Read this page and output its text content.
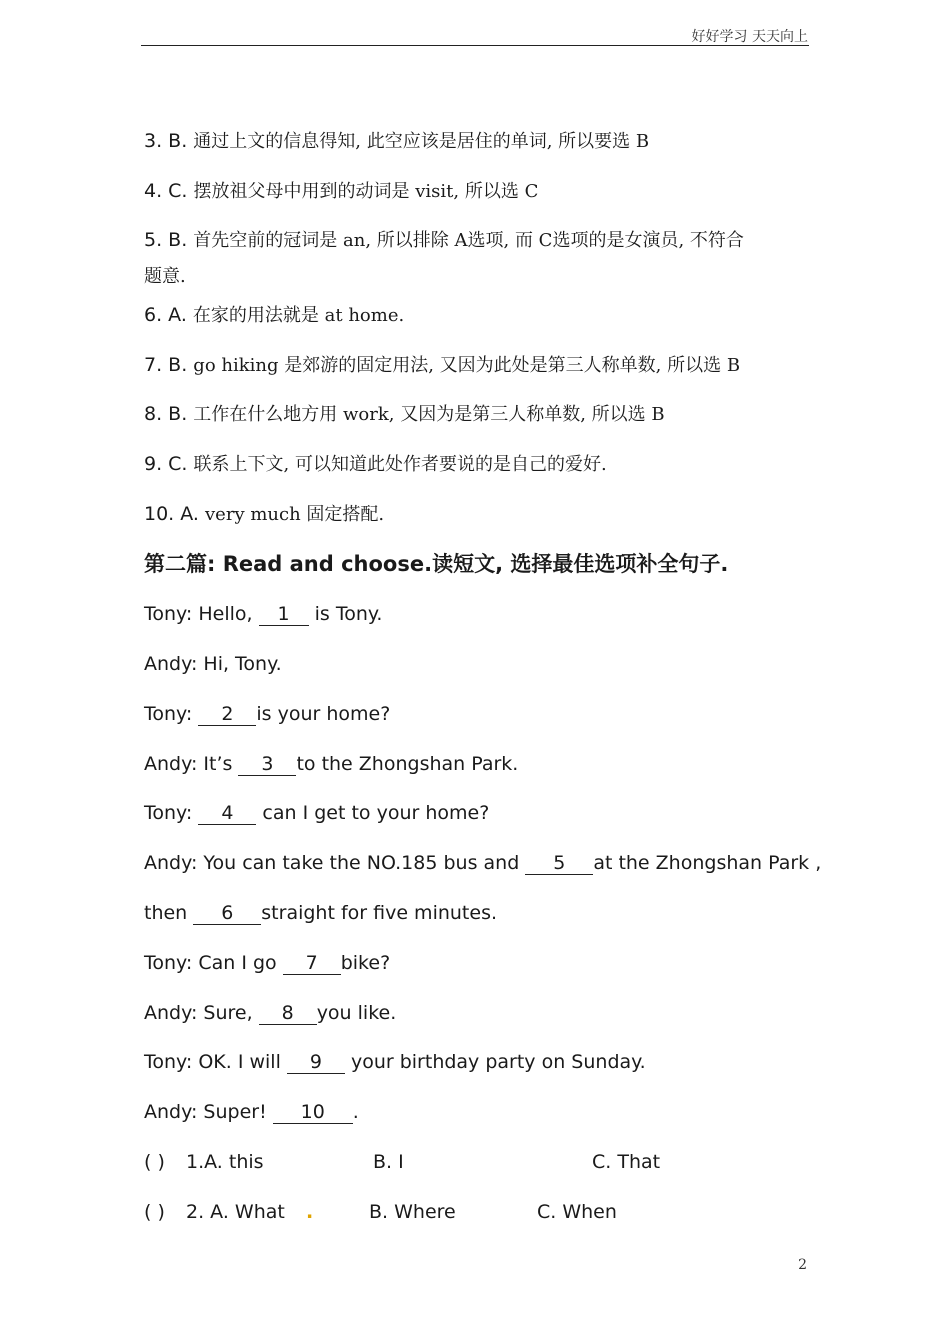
好好学习 天天向上
3. B. 通过上文的信息得知, 此空应该是居住的单词, 所以要选 B
4. C. 摆放祖父母中用到的动词是 visit, 所以选 C
5. B. 首先空前的冠词是 an, 所以排除 A选项, 而 C选项的是女演员, 不符合
题意.
6. A. 在家的用法就是 at home.
7. B. go hiking 是郊游的固定用法, 又因为此处是第三人称单数, 所以选 B
8. B. 工作在什么地方用 work, 又因为是第三人称单数, 所以选 B
9. C. 联系上下文, 可以知道此处作者要说的是自己的爱好.
10. A. very much 固定搭配.
第二篇: Read and choose.读短文, 选择最佳选项补全句子.
Tony: Hello, 1 is Tony.
Andy: Hi, Tony.
Tony: 2 is your home?
Andy: It’s 3 to the Zhongshan Park.
Tony: 4 can I get to your home?
Andy: You can take the NO.185 bus and 5 at the Zhongshan Park ,
then 6 straight for five minutes.
Tony: Can I go 7 bike?
Andy: Sure, 8 you like.
Tony: OK. I will 9 your birthday party on Sunday.
Andy: Super! 10 .
( ) 1.A. this	B. I	C. That
( ) 2. A. What .	B. Where	C. When
2
